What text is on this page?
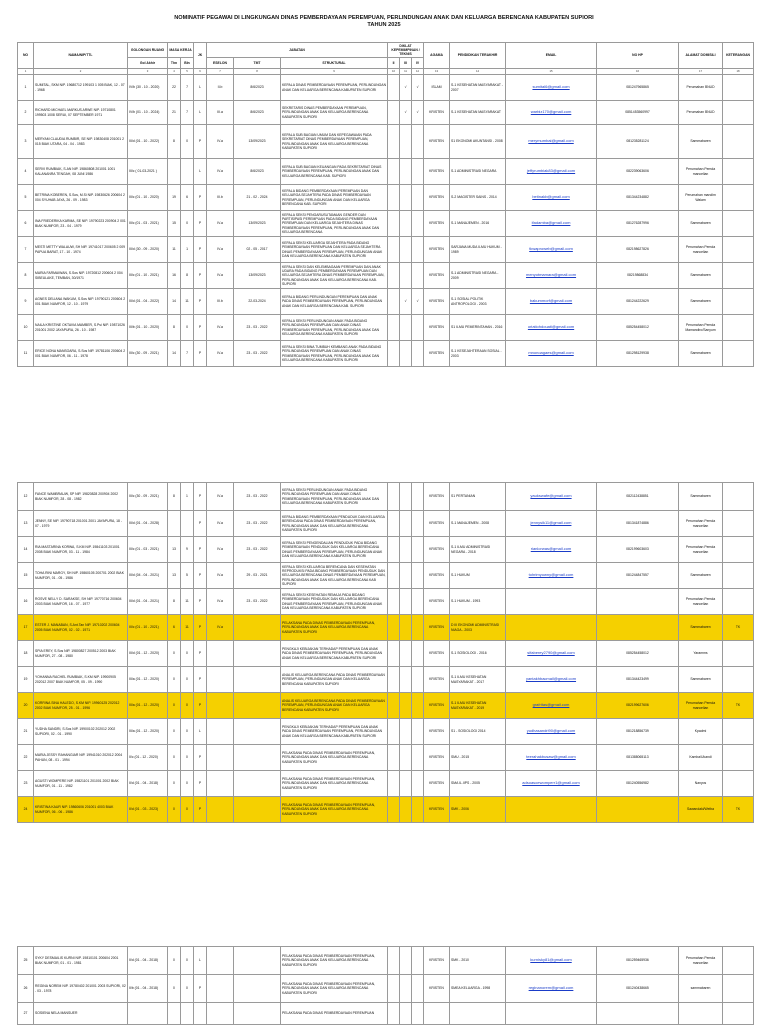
NOMINATIF PEGAWAI DI LINGKUNGAN DINAS PEMBERDAYAAN PEREMPUAN, PERLINDUNGAN ANAK DAN KELUARGA BERENCANA KABUPATEN SUPIORI
TAHUN 2025
NO	NAMA/NIP/TTL	GOLONGAN RUANG	MASA KERJA		JK	JABATAN			DIKLAT KEPEMIMPINAN / TEKNIS			AGAMA	PENDIDIKAN TERAKHIR	EMAIL	NO HP	ALAMAT DOMISILI	KETERANGAN
		Gol Akhir	Thn	Bln		ESELON	TMT	STRUKTURAL	II	III	IV						
1	2	3	4	5	6	7	8	9	10	11	12	13	14	15	16	17	18
1	SUMITAL, SKM NIP. 19680712 199103 1 005 BIAK, 12 - 07 - 1968	IV/b (30 - 10 - 2020)	22	7	L	II.b	8/6/2023	KEPALA DINAS PEMBERDAYAAN PEREMPUAN, PERLINDUNGAN ANAK DAN KELUARGA BERENCANA KABUPATEN SUPIORI		√	√	ISLAM	S-1 KESEHATAN MASYARAKAT - 2007	sumital6@gmail.com	081247965865	Perumahan BNUD	
2	RICHARD MICHAEL MARKUS ARWE NIP. 19710801 199503 1008 SERUI, 07 SEPTEMBER 1971	IV/b (01 - 10 - 2024)	21	7	L	III.a	8/6/2023	SEKRETARIS DINAS PEMBERDAYAAN PEREMPUAN, PERLINDUNGAN ANAK DAN KELUARGA BERENCANA KABUPATEN SUPIORI		√	√	KRISTEN	S-1 KESEHATAN MASYARAKAT	warbiz170@gmail.com	0851453560997	Perumahan BNUD	
3	MERYAM CLAUDIA RUMBIR, SE NIP. 19830408 201001 2 015 BIAK UTARA, 04 - 04 - 1983	III/d (01 - 10 - 2022)	8	0	P	IV.a	13/09/2023	KEPALA SUB BAGIAN UMUM DAN KEPEGAWAIAN PADA SEKRETARIAT DINAS PEMBERDAYAAN PEREMPUAN, PERLINDUNGAN ANAK DAN KELUARGA BERENCANA KABUPATEN SUPIORI				KRISTEN	S1 EKONOMI AKUNTANSI - 2008	merymumbai@gmail.com	081235281124	Sammabaren	
4	SERVI RUMBIAK, S.AN NIP. 19860808 201001 1001 KALANANRA TENGAH, 08 JUNI 1986	III/c ( 01-03-2021 )			L	IV.a	8/6/2023	KEPALA SUB BAGIAN KEUANGAN PADA SEKRETARIAT DINAS PEMBERDAYAAN PEREMPUAN, PERLINDUNGAN ANAK DAN KELUARGA BERENCANA KAB. SUPIORI				KRISTEN	S-1 ADMINISTRASI NEGARA	jeffyrumbiak83@gmail.com	082239063606	Perumahan Pemda mancelian	
5	BETRINA KOBEREN, S.Sos, M.Si NIP. 19830626 200604 2 004 SYUHAB JAYA, 26 - 09 - 1983	III/c (01 - 10 - 2020)	19	6	P	III.b	21 - 02 - 2024	KEPALA BIDANG PEMBERDAYAAN PEREMPUAN DAN KELUARGA SEJAHTERA PADA DINAS PEMBERDAYAAN PEREMPUAN, PERLINDUNGAN ANAK DAN KELUARGA BERENCANA KAB. SUPIORI				KRISTEN	S-2 MAGISTER SAINS - 2014	betinakb@gmail.com	081344234882	Perumahan mandim Walam	
6	INA FRIEDERIKA KARMA, SE NIP. 19790223 200904 2 001 BIAK NUMFOR, 23 - 04 - 1979	III/c (01 - 03 - 2021)	15	0	P	IV.a	13/09/2023	KEPALA SEKSI PENGARUSUTAMAAN GENDER DAN PARTISIPASI PEREMPUAN PADA BIDANG PEMBERDAYAAN PEREMPUAN DAN KELUARGA SEJAHTERA DINAS PEMBERDAYAAN PEREMPUAN, PERLINDUNGAN ANAK DAN KELUARGA BERENCANA				KRISTEN	S-1 MANAJEMEN - 2016	ifadamba@gmail.com	081276287996	Sammabaren	
7	MESTI METTY WALAUW, SH NIP. 19741017 200605 2 009 PAPUA BARAT, 17 - 10 - 1974	III/d (30 - 09 - 2020)	11	1	P	IV.a	02 - 05 - 2017	KEPALA SEKSI KELUARGA SEJAHTERA PADA BIDANG PEMBERDAYAAN PEREMPUAN DAN KELUARGA SEJAHTERA DINAS PEMBERDAYAAN PEREMPUAN, PERLINDUNGAN ANAK DAN KELUARGA BERENCANA KABUPATEN SUPIORI				KRISTEN	SARJANA MUDA ILMU HUKUM - 1989	tkwaproweb@gmail.com	082198627826	Perumahan Pemda mancelian	
8	MARIA FARMAIWAN, S.Sos NIP. 19720812 200604 2 004 SIBEULAKE, TEMBAN, 30/1971	III/c (01 - 10 - 2021)	16	8	P	IV.a	13/09/2023	KEPALA SEKSI DAN KELEMBAGAAN PEREMPUAN DAN ANAK UDARA PADA BIDANG PEMBERDAYAAN PEREMPUAN DAN KELUARGA SEJAHTERA DINAS PEMBERDAYAAN PEREMPUAN, PERLINDUNGAN ANAK DAN KELUARGA BERENCANA KAB. SUPIORI				KRISTEN	S-1 ADMINISTRASI NEGARA - 2009	menyotmamara@gmail.com	08219868834	Sammabaren	
9	AGNES DELIANA WAKUM, S.Sos NIP. 19790121 200604 2 001 BIAK NUMFOR, 12 - 10 - 1979	III/d (01 - 04 - 2022)	14	11	P	III.b	22-03-2024	KEPALA BIDANG PERLINDUNGAN PEREMPUAN DAN ANAK PADA DINAS PEMBERDAYAAN PEREMPUAN, PERLINDUNGAN ANAK DAN KELUARGA BERENCANA KAB. SUPIORI		√	√	KRISTEN	S-1 SOSIAL POLITIK ANTROPOLOGI - 2003	bakummorf@gmail.com	081244222629	Sammabaren	
10	NAILA KRISTINE OKTAVIA MAMBER, S.Psi NIP. 19871026 201001 2002 JAYAPURA, 26 - 10 - 1987	III/b (01 - 10 - 2020)	8	0	P	IV.a	23 - 03 - 2022	KEPALA SEKSI PERLINDUNGAN ANAK PADA BIDANG PERLINDUNGAN PEREMPUAN DAN ANAK DINAS PEMBERDAYAAN PEREMPUAN, PERLINDUNGAN ANAK DAN KELUARGA BERENCANA KABUPATEN SUPIORI				KRISTEN	S1 ILMU PEMERINTAHAN - 2016	oriatiohdouati@gmail.com	085254458012	Perumahan Pemda Mamandiro/Sanyum	
11	ERICE NONA MANSOARA, S.Sos NIP. 19781106 200604 2 001 BIAK NUMFOR, 06 - 11 - 1978	III/c (30 - 09 - 2021)	14	7	P	IV.a	23 - 03 - 2022	KEPALA SEKSI BINA TUMBUH KEMBANG ANAK PADA BIDANG PERLINDUNGAN PEREMPUAN DAN ANAK DINAS PEMBERDAYAAN PEREMPUAN, PERLINDUNGAN ANAK DAN KELUARGA BERENCANA KABUPATEN SUPIORI				KRISTEN	S-1 KESEJAHTERAAN SOSIAL - 2003	mnonoagaes@gmail.com	081298129938	Sammabaren	
12	FANCE WAMBRAUW, SP NIP. 19820828 200904 2002 BIAK NUMFOR, 28 - 08 - 1982	III/c (30 - 09 - 2021)	8	1	P	IV.a	23 - 03 - 2022	KEPALA SEKSI PERLINDUNGAN ANAK PADA BIDANG PERLINDUNGAN PEREMPUAN DAN ANAK DINAS PEMBERDAYAAN PEREMPUAN, PERLINDUNGAN ANAK DAN KELUARGA BERENCANA KABUPATEN SUPIORI				KRISTEN	S1 PERTANIAN	yaukswafe@gmail.com	082112438851	Sammabaren	
13	JENNY, SE NIP. 19790718 201001 2001 JAYAPURA, 18 - 07 - 1979	III/d (01 - 04 - 2028)			P	IV.a	23 - 03 - 2022	KEPALA BIDANG PEMBERDAYAAN PENDUDUK DAN KELUARGA BERENCANA PADA DINAS PEMBERDAYAAN PEREMPUAN, PERLINDUNGAN ANAK DAN KELUARGA BERENCANA KABUPATEN SUPIORI				KRISTEN	S-1 MANAJEMEN - 2008	jennysik11@gmail.com	081341874886	Perumahan Pemda mancelian	
14	RIA MASTARINA KORWA, S.KM NIP. 19841103 201001 2008 BIAK NUMFOR, 03 - 11 - 1984	III/c (01 - 03 - 2021)	13	9	P	IV.a	23 - 03 - 2022	KEPALA SEKSI PENGENDALIAN PENDUDUK PADA BIDANG PEMBERDAYAAN PENDUDUK DAN KELUARGA BERENCANA DINAS PEMBERDAYAAN PEREMPUAN, PERLINDUNGAN ANAK DAN KELUARGA BERENCANA KABUPATEN SUPIORI				KRISTEN	S-1 ILMU ADMINISTRASI NEGARA - 2018	rianlorwas@gmail.com	082199603603	Perumahan Pemda mancelian	
15	TOHA RINI MARGY, SH NIP. 19860105 200701 2002 BIAK NUMFOR, 01 - 05 - 1986	III/d (04 - 04 - 2021)	13	5	P	IV.a	29 - 03 - 2021	KEPALA SEKSI KELUARGA BERENCANA DAN KESEHATAN REPRODUKSI PADA BIDANG PEMBERDAYAAN PENDUDUK DAN KELUARGA BERENCANA DINAS PEMBERDAYAAN PEREMPUAN, PERLINDUNGAN ANAK DAN KELUARGA BERENCANA KAB SUPIORI				KRISTEN	S-1 HUKUM	tohrimyowny@gmail.com	081244847557	Sammabaren	
16	ROSVE NELLY D. SARAKSE, SH NIP. 19770716 200604 2003 BIAK NUMFOR, 16 - 07 - 1977	III/d (01 - 04 - 2021)	8	11	P	IV.a	23 - 03 - 2022	KEPALA SEKSI KESEHATAN REMAJA PADA BIDANG PEMBERDAYAAN PENDUDUK DAN KELUARGA BERENCANA DINAS PEMBERDAYAAN PEREMPUAN, PERLINDUNGAN ANAK DAN KELUARGA BERENCANA KABUPATEN SUPIORI				KRISTEN	S-1 HUKUM - 1993			Perumahan Pemda mancelian	
17	ESTER J. MANABAN, S.Ant.Tan NIP. 19710202 200604 2005 BIAK NUMFOR, 02 - 02 - 1971	III/c (01 - 10 - 2021)	6	11	P	IV.a		PELAKSANA PADA DINAS PEMBERDAYAAN PEREMPUAN, PERLINDUNGAN ANAK DAN KELUARGA BERENCANA KABUPATEN SUPIORI				KRISTEN	D III EKONOMI ADMINISTRASI NIAGA - 2003			Sammabaren	TK
18	SPIA EREY, S.Sos NIP. 19800827 200512 2003 BIAK NUMFOR, 27 - 08 - 1980	III/d (01 - 12 - 2020)	0	0	P			PENGKAJI KEBIJAKAN TERHADAP PEREMPUAN DAN ANAK PADA DINAS PEMBERDAYAAN PEREMPUAN, PERLINDUNGAN ANAK DAN KELUARGA BERENCANA KABUPATEN SUPIORI				KRISTEN	S-1 SOSIOLOGI - 2016	sifaberey2790@gmail.com	085254458012	Yaramms	
19	YOHANNA RACHEL RUMBIAK, S.KM NIP. 19900905 202012 2007 BIAK NUMFOR, 05 - 09 - 1990	III/a (01 - 12 - 2020)	0	0	P			ANALIS KELUARGA BERENCANA PADA DINAS PEMBERDAYAAN PEREMPUAN, PERLINDUNGAN ANAK DAN KELUARGA BERENCANA KABUPATEN SUPIORI				KRISTEN	S-1 ILMU KESEHATAN MASYARAKAT - 2017	yantakhbacmail@gmail.com	081344423499	Sammabaren	
20	KORRINA SINA HALEDO, S.KM NIP. 19960125 202012 2002 BIAK NUMFOR, 25 - 01 - 1996	III/a (01 - 12 - 2020)	0	0	P			ANALIS KELUARGA BERENCANA PADA DINAS PEMBERDAYAAN PEREMPUAN, PERLINDUNGAN ANAK DAN KELUARGA BERENCANA KABUPATEN SUPIORI				KRISTEN	S-1 ILMU KESEHATAN MASYARAKAT - 2019	grafritas@gmail.com	082199627606	Perumahan Pemda mancelian	TK
21	YUDHA SANDRI, S.Sos NIP. 19900102 202012 2002 SUPIORI, 02 - 01 - 1990	III/a (01 - 12 - 2020)	0	0	L			PENGKAJI KEBIJAKAN TERHADAP PEREMPUAN DAN ANAK PADA DINAS PEMBERDAYAAN PEREMPUAN, PERLINDUNGAN ANAK DAN KELUARGA BERENCANA KABUPATEN SUPIORI				KRISTEN	S1 - SOSIOLOGI 2014	yudhasandri90@gmail.com	081218856739	Kpadmi	
22	MARIA JESSY RAHANGIAR NIP. 19941010 202012 2004 PAHUN, 08 - 01 - 1994	II/c (01 - 12 - 2020)	0	0	P			PELAKSANA PADA DINAS PEMBERDAYAAN PEREMPUAN, PERLINDUNGAN ANAK DAN KELUARGA BERENCANA KABUPATEN SUPIORI				KRISTEN	SMU - 2015	teerahakbusaw@gmail.com	081388065113	Kamba/Ukandi	
23	AGUSTI WOMPERE NIP. 19821101 201001 2002 BIAK NUMFOR, 01 - 11 - 1982	II/d (01 - 04 - 2018)	0	0	P			PELAKSANA PADA DINAS PEMBERDAYAAN PEREMPUAN, PERLINDUNGAN ANAK DAN KELUARGA BERENCANA KABUPATEN SUPIORI				KRISTEN	SMA IL.IIPS - 2005	adsoasoewomperr1@gmail.com	081240556982	Nanyos	
24	KRISTINA KAUR NIP. 19860606 201001 4003 BIAK NUMFOR, 06 - 06 - 1986	II/d (01 - 03 - 2023)	0	0	P			PELAKSANA PADA DINAS PEMBERDAYAAN PEREMPUAN, PERLINDUNGAN ANAK DAN KELUARGA BERENCANA KABUPATEN SUPIORI				KRISTEN	SMK - 2006			Sawandaki/Weiba	TK
25	SYKY DESMAILIS KURNI NIP. 19810101 200604 2001 BIAK NUMFOR, 01 - 01 - 1981	II/d (01 - 04 - 2018)	0	0	L			PELAKSANA PADA DINAS PEMBERDAYAAN PEREMPUAN, PERLINDUNGAN ANAK DAN KELUARGA BERENCANA KABUPATEN SUPIORI				KRISTEN	SMK - 2010	kurnisky81@gmail.com	081259465936	Perumahan Pemda mancelian	
26	REGINA NOREM NIP. 19780402 201001 2003 SUPIORI, 02 - 03 - 1978	II/b (01 - 04 - 2018)	0	0	P			PELAKSANA PADA DINAS PEMBERDAYAAN PEREMPUAN, PERLINDUNGAN ANAK DAN KELUARGA BERENCANA KABUPATEN SUPIORI				KRISTEN	SMEA KELUARGA - 1998	reginanorem@gmail.com	081240438665	sammabaren	
27	SOSIENA NELA MANSUER							PELAKSANA PADA DINAS PEMBERDAYAAN PEREMPUAN									
